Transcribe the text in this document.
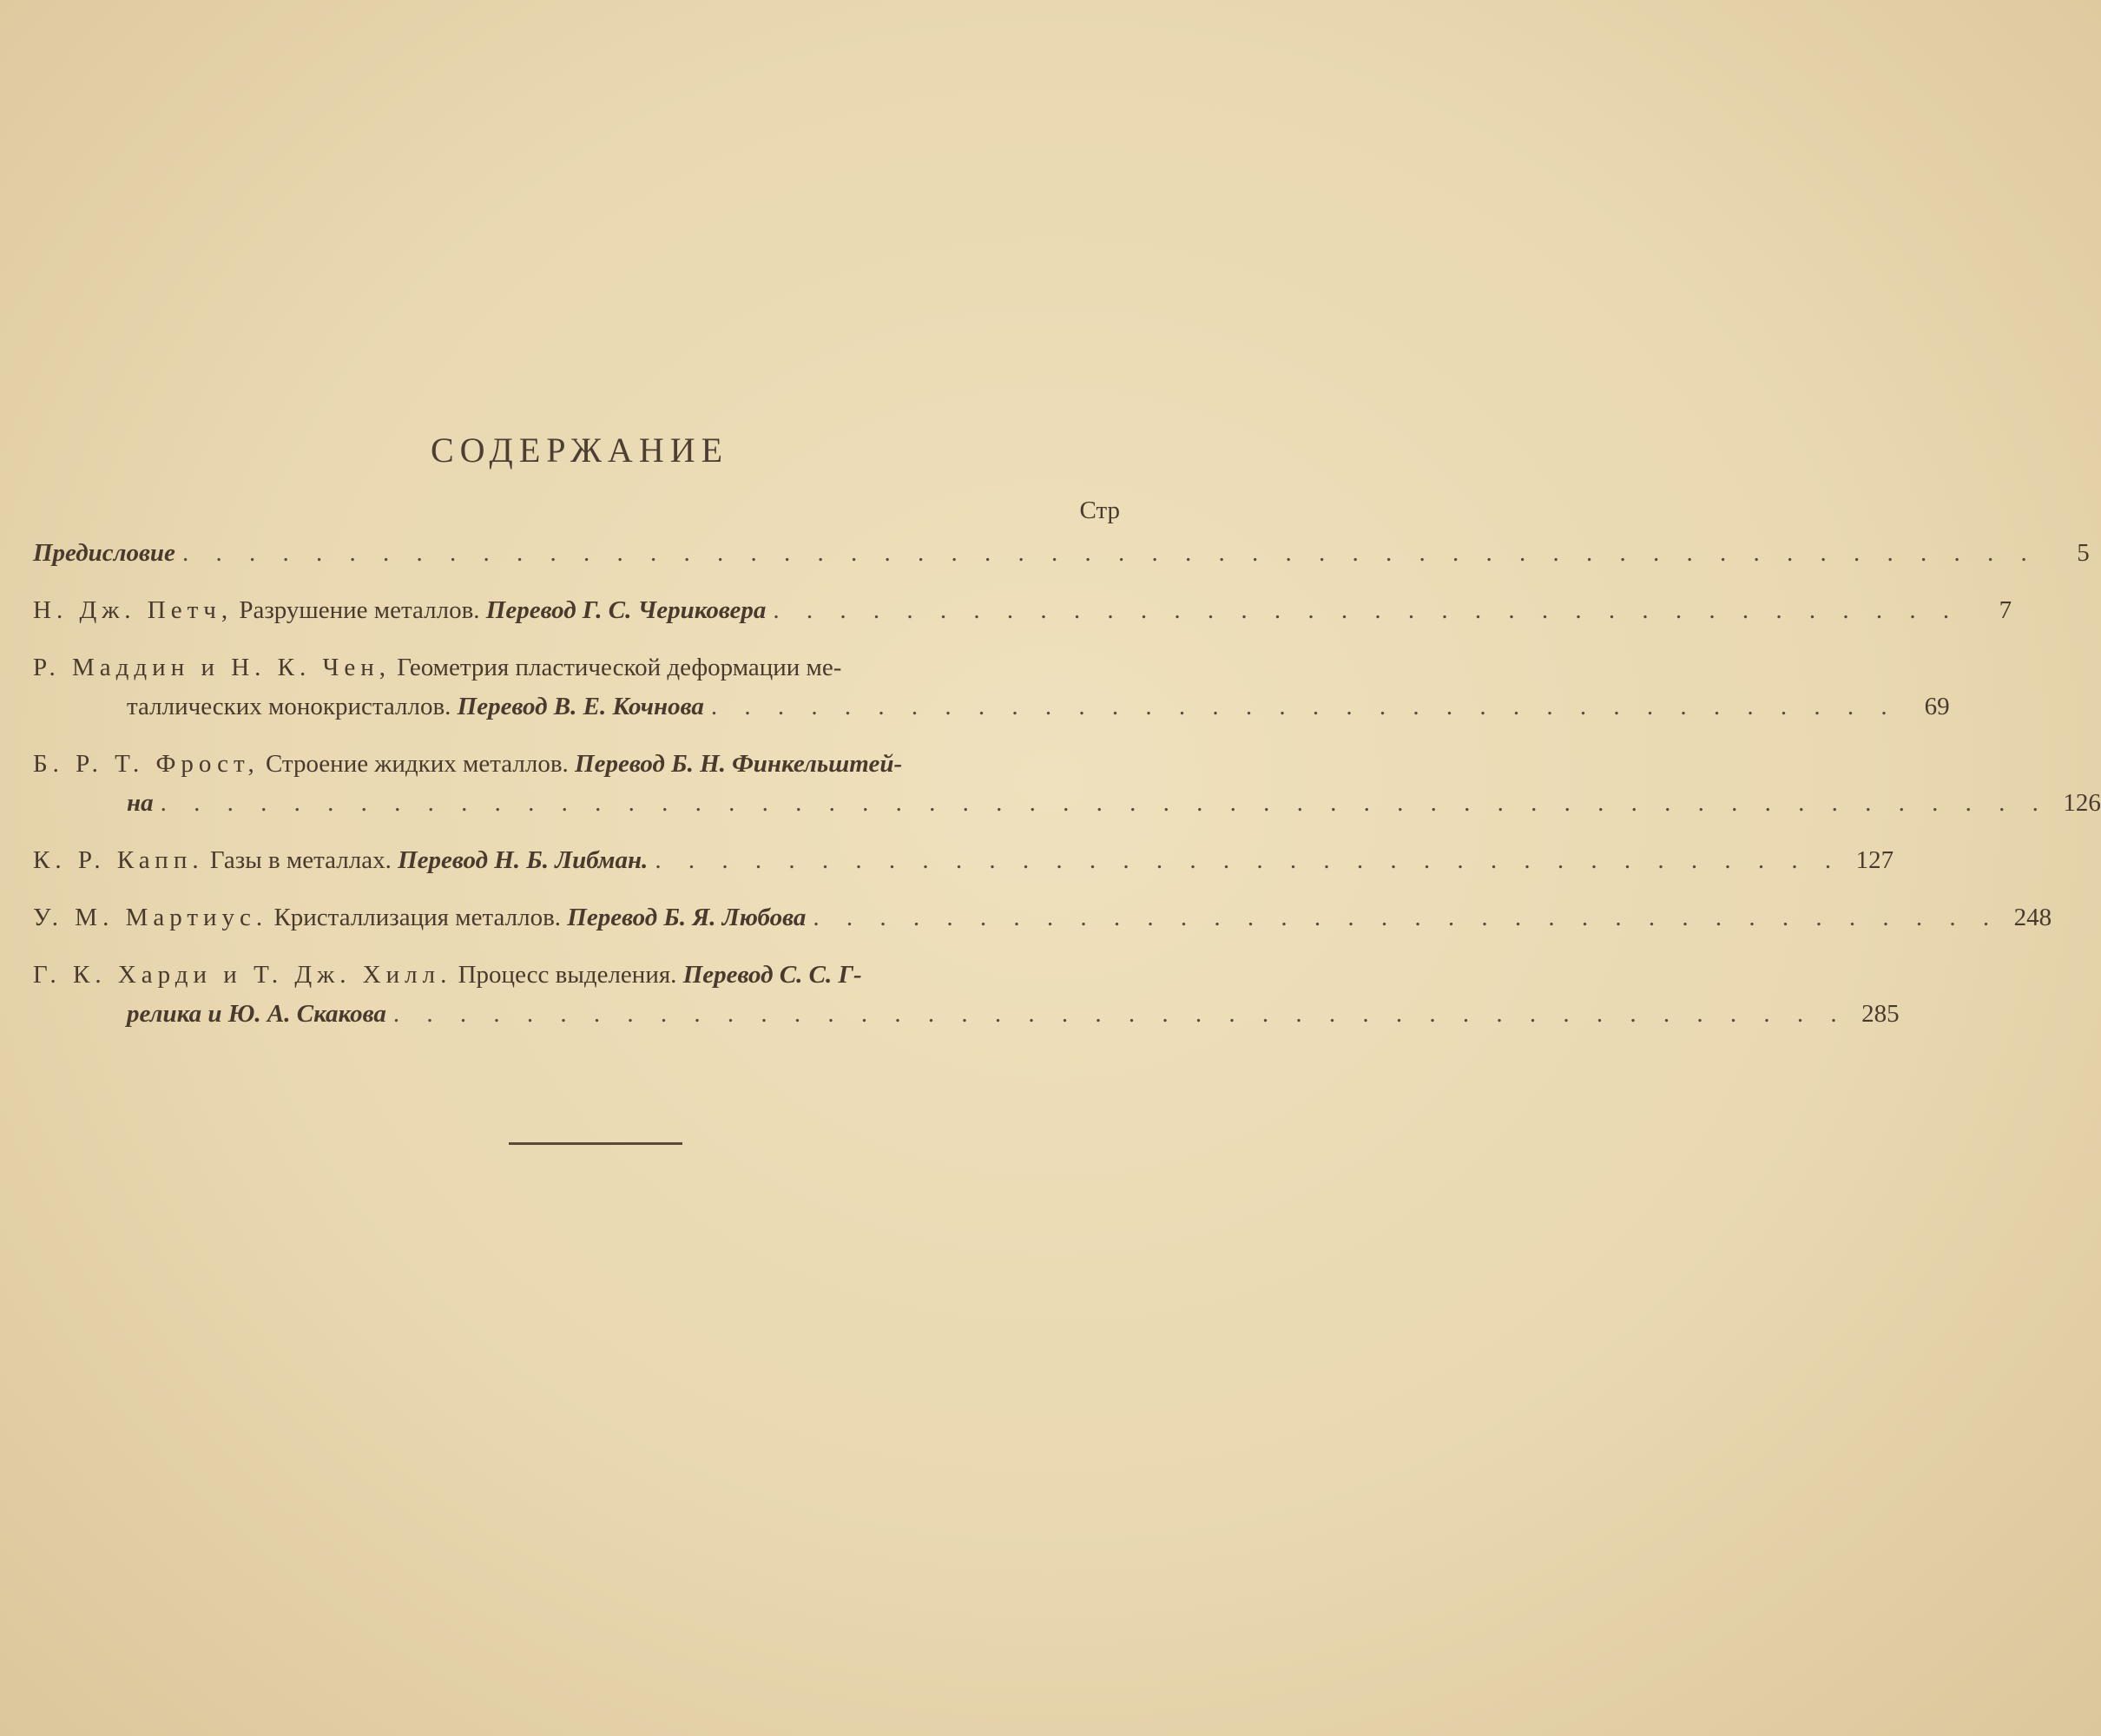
СОДЕРЖАНИЕ
Стр
Предисловие . . . . . . . . . . . . . . . . . . . . . . . . . . . . . . . . . . . . . . . . . . . . . . . . . . . . . . . .	5
Н. Дж. Петч,
Разрушение металлов.
Перевод Г. С. Чериковера . . . . . . . . . . . . . . . . . . . . . . . . . . . . . . . . . . . .	7
Р. Маддин и Н. К. Чен,
Геометрия пластической деформации ме-
таллических монокристаллов.
Перевод В. Е. Кочнова . . . . . . . . . . . . . . . . . . . . . . . . . . . . . . . . . . . .	69
Б. Р. Т. Фрост,
Строение жидких металлов.
Перевод Б. Н. Финкельштей-
на . . . . . . . . . . . . . . . . . . . . . . . . . . . . . . . . . . . . . . . . . . . . . . . . . . . . . . . . . 126
К. Р. Капп.
Газы в металлах.
Перевод Н. Б. Либман. . . . . . . . . . . . . . . . . . . . . . . . . . . . . . . . . . . . . 127
У. М. Мартиус.
Кристаллизация металлов.
Перевод Б. Я. Любова . . . . . . . . . . . . . . . . . . . . . . . . . . . . . . . . . . . . 248
Г. К. Харди и Т. Дж. Хилл.
Процесс выделения.
Перевод С. С. Г-
релика и Ю. А. Скакова . . . . . . . . . . . . . . . . . . . . . . . . . . . . . . . . . . . . . . . . . . . . 285
